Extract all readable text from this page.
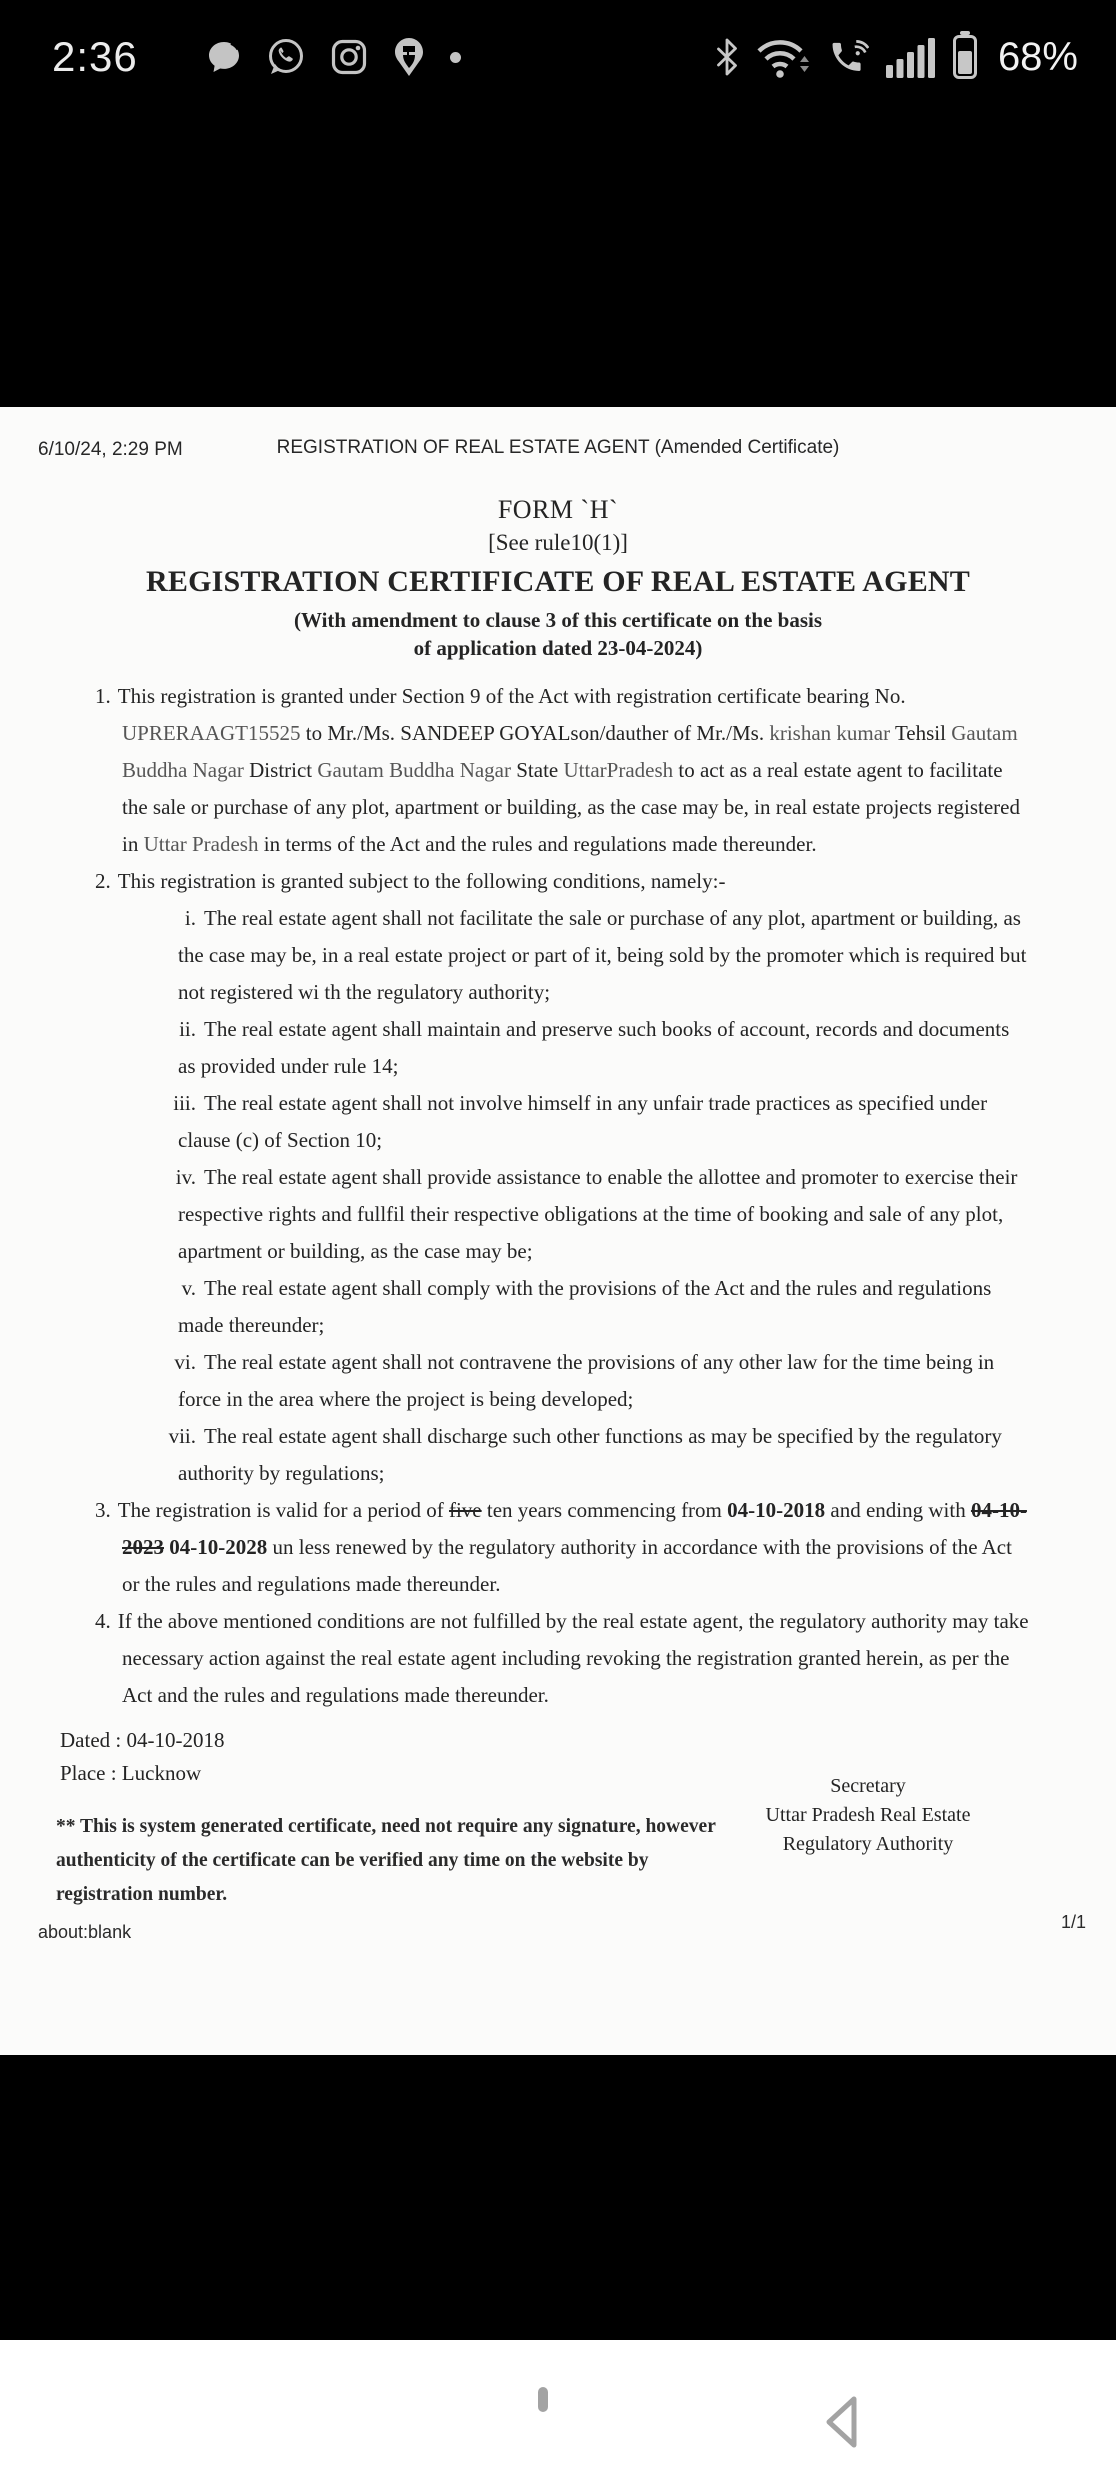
2:36	68%
6/10/24, 2:29 PM	REGISTRATION OF REAL ESTATE AGENT (Amended Certificate)
FORM `H`
[See rule10(1)]
REGISTRATION CERTIFICATE OF REAL ESTATE AGENT
(With amendment to clause 3 of this certificate on the basis
of application dated 23-04-2024)
1. This registration is granted under Section 9 of the Act with registration certificate bearing No. UPRERAAGT15525 to Mr./Ms. SANDEEP GOYALson/dauther of Mr./Ms. krishan kumar Tehsil Gautam Buddha Nagar District Gautam Buddha Nagar State UttarPradesh to act as a real estate agent to facilitate the sale or purchase of any plot, apartment or building, as the case may be, in real estate projects registered in Uttar Pradesh in terms of the Act and the rules and regulations made thereunder.
2. This registration is granted subject to the following conditions, namely:-
i. The real estate agent shall not facilitate the sale or purchase of any plot, apartment or building, as the case may be, in a real estate project or part of it, being sold by the promoter which is required but not registered wi th the regulatory authority;
ii. The real estate agent shall maintain and preserve such books of account, records and documents as provided under rule 14;
iii. The real estate agent shall not involve himself in any unfair trade practices as specified under clause (c) of Section 10;
iv. The real estate agent shall provide assistance to enable the allottee and promoter to exercise their respective rights and fullfil their respective obligations at the time of booking and sale of any plot, apartment or building, as the case may be;
v. The real estate agent shall comply with the provisions of the Act and the rules and regulations made thereunder;
vi. The real estate agent shall not contravene the provisions of any other law for the time being in force in the area where the project is being developed;
vii. The real estate agent shall discharge such other functions as may be specified by the regulatory authority by regulations;
3. The registration is valid for a period of five ten years commencing from 04-10-2018 and ending with 04-10-2023 04-10-2028 un less renewed by the regulatory authority in accordance with the provisions of the Act or the rules and regulations made thereunder.
4. If the above mentioned conditions are not fulfilled by the real estate agent, the regulatory authority may take necessary action against the real estate agent including revoking the registration granted herein, as per the Act and the rules and regulations made thereunder.
Dated : 04-10-2018
Place : Lucknow
** This is system generated certificate, need not require any signature, however authenticity of the certificate can be verified any time on the website by registration number.
Secretary
Uttar Pradesh Real Estate
Regulatory Authority
about:blank	1/1
